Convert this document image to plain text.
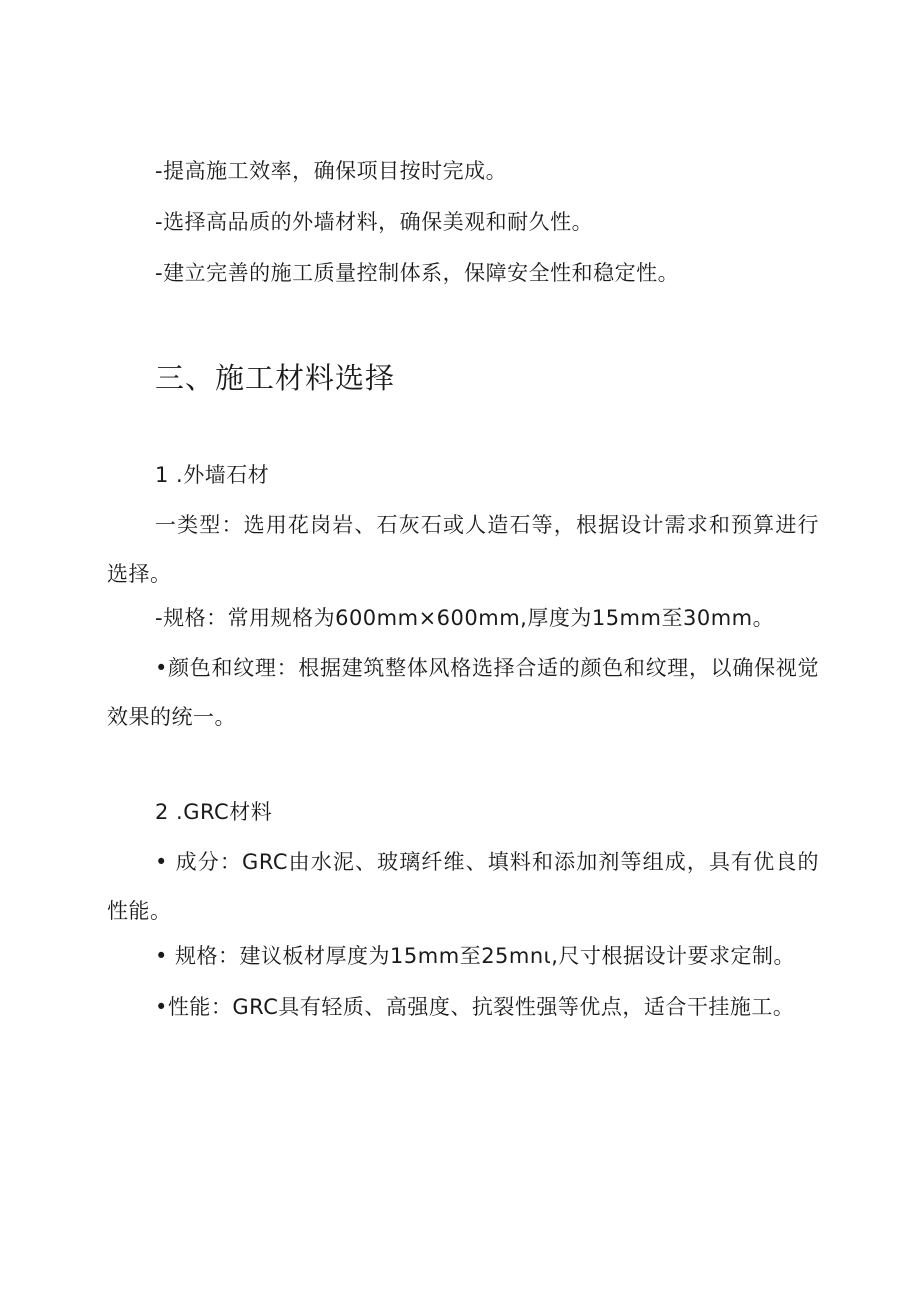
-提高施工效率，确保项目按时完成。
-选择高品质的外墙材料，确保美观和耐久性。
-建立完善的施工质量控制体系，保障安全性和稳定性。
三、施工材料选择
1 .外墙石材
一类型：选用花岗岩、石灰石或人造石等，根据设计需求和预算进行选择。
-规格：常用规格为600mm×600mm,厚度为15mm至30mm。
•颜色和纹理：根据建筑整体风格选择合适的颜色和纹理，以确保视觉效果的统一。
2 .GRC材料
• 成分：GRC由水泥、玻璃纤维、填料和添加剂等组成，具有优良的性能。
• 规格：建议板材厚度为15mm至25mnι,尺寸根据设计要求定制。
•性能：GRC具有轻质、高强度、抗裂性强等优点，适合干挂施工。
